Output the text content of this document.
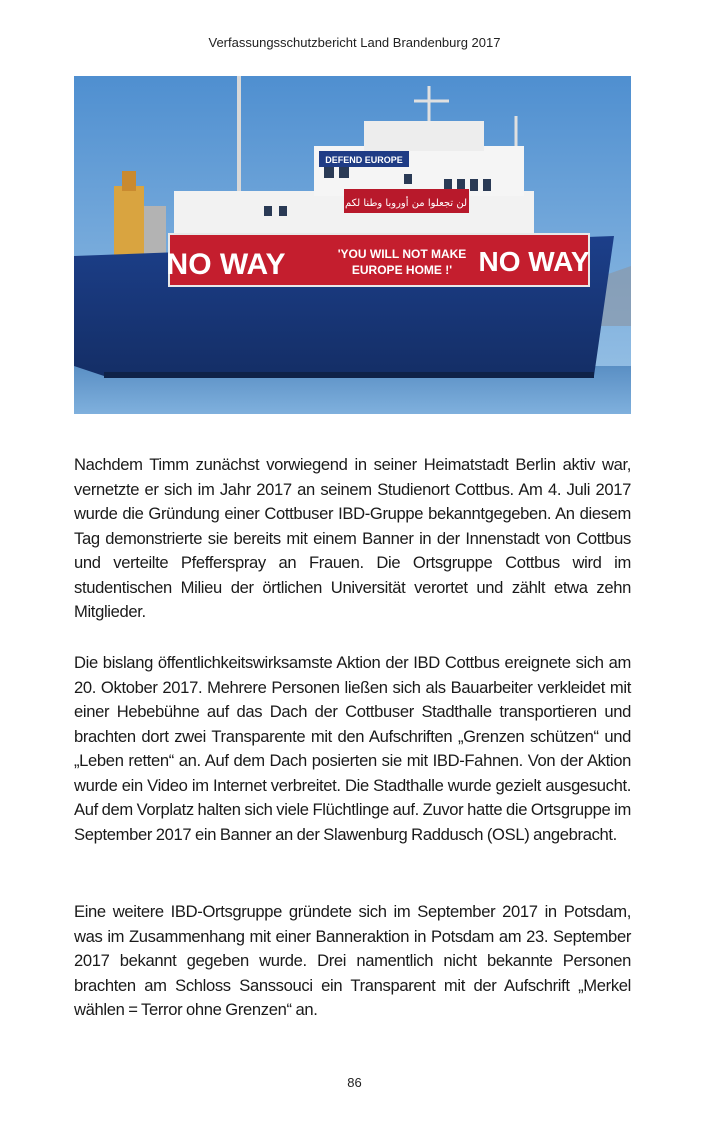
Verfassungsschutzbericht Land Brandenburg 2017
DEFEND EUROPE
لن تجعلوا من أوروبا وطنا لكم
NO WAY	'YOU WILL NOT MAKE
EUROPE HOME !' NO WAY
Nachdem Timm zunächst vorwiegend in seiner Heimatstadt Berlin aktiv war, vernetzte er sich im Jahr 2017 an seinem Studienort Cottbus. Am 4. Juli 2017 wurde die Gründung einer Cottbuser IBD-Gruppe bekanntgegeben. An diesem Tag demonstrierte sie bereits mit einem Banner in der Innenstadt von Cottbus und verteilte Pfefferspray an Frauen. Die Ortsgruppe Cottbus wird im studentischen Milieu der örtlichen Universität verortet und zählt etwa zehn Mitglieder.
Die bislang öffentlichkeitswirksamste Aktion der IBD Cottbus ereignete sich am 20. Oktober 2017. Mehrere Personen ließen sich als Bauarbeiter verkleidet mit einer Hebebühne auf das Dach der Cottbuser Stadthalle transportieren und brachten dort zwei Transparente mit den Aufschriften „Grenzen schützen“ und „Leben retten“ an. Auf dem Dach posierten sie mit IBD-Fahnen. Von der Aktion wurde ein Video im Internet verbreitet. Die Stadthalle wurde gezielt ausgesucht. Auf dem Vorplatz halten sich viele Flüchtlinge auf. Zuvor hatte die Ortsgruppe im September 2017 ein Banner an der Slawenburg Raddusch (OSL) angebracht.
Eine weitere IBD-Ortsgruppe gründete sich im September 2017 in Potsdam, was im Zusammenhang mit einer Banneraktion in Potsdam am 23. September 2017 bekannt gegeben wurde. Drei namentlich nicht bekannte Personen brachten am Schloss Sanssouci ein Transparent mit der Aufschrift „Merkel wählen = Terror ohne Grenzen“ an.
86
